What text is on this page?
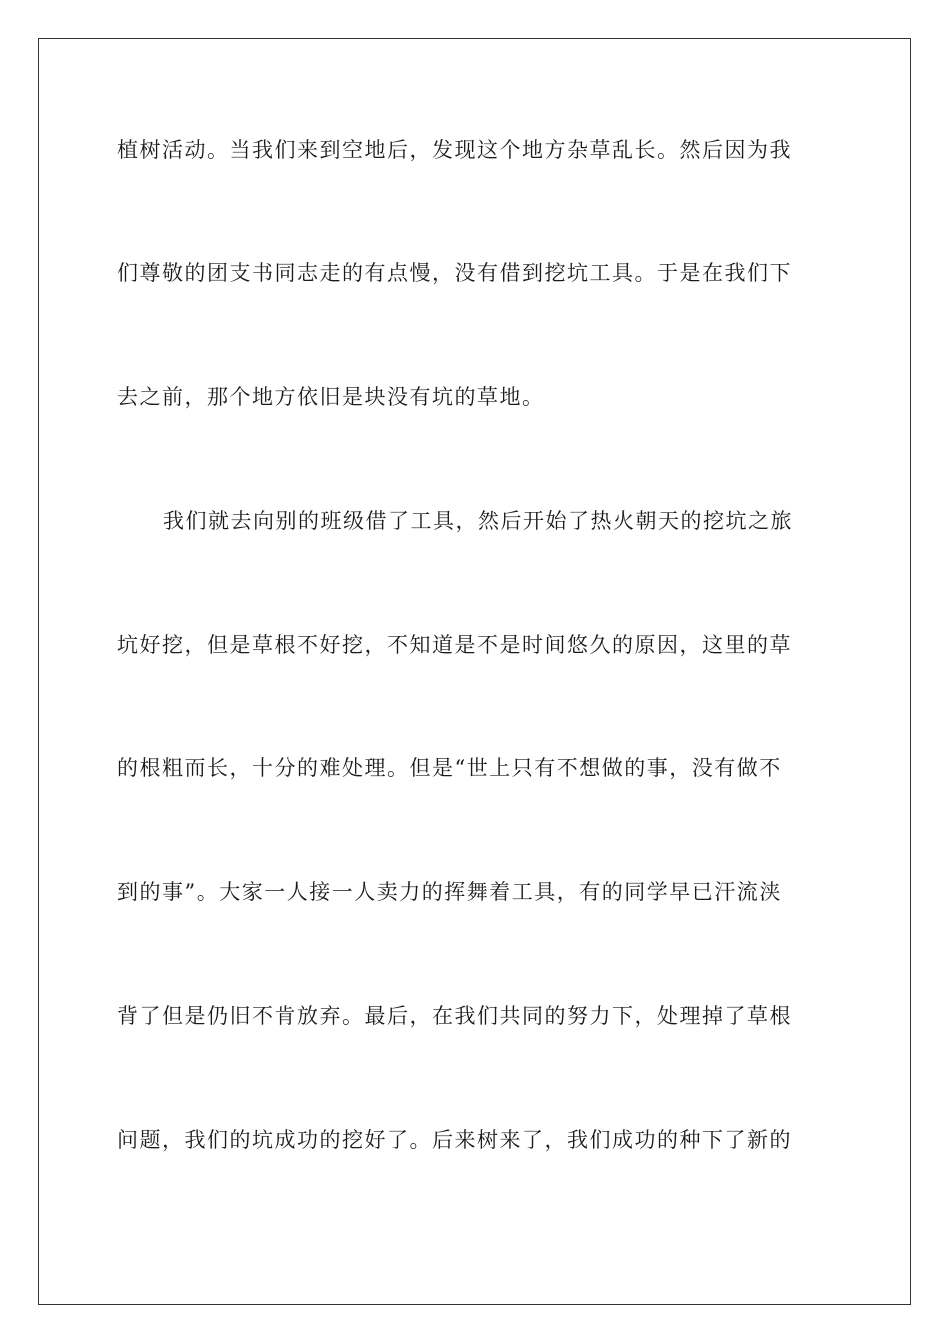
植树活动。当我们来到空地后，发现这个地方杂草乱长。然后因为我
们尊敬的团支书同志走的有点慢，没有借到挖坑工具。于是在我们下
去之前，那个地方依旧是块没有坑的草地。
我们就去向别的班级借了工具，然后开始了热火朝天的挖坑之旅
坑好挖，但是草根不好挖，不知道是不是时间悠久的原因，这里的草
的根粗而长，十分的难处理。但是“世上只有不想做的事，没有做不
到的事”。大家一人接一人卖力的挥舞着工具，有的同学早已汗流浃
背了但是仍旧不肯放弃。最后，在我们共同的努力下，处理掉了草根
问题，我们的坑成功的挖好了。后来树来了，我们成功的种下了新的
